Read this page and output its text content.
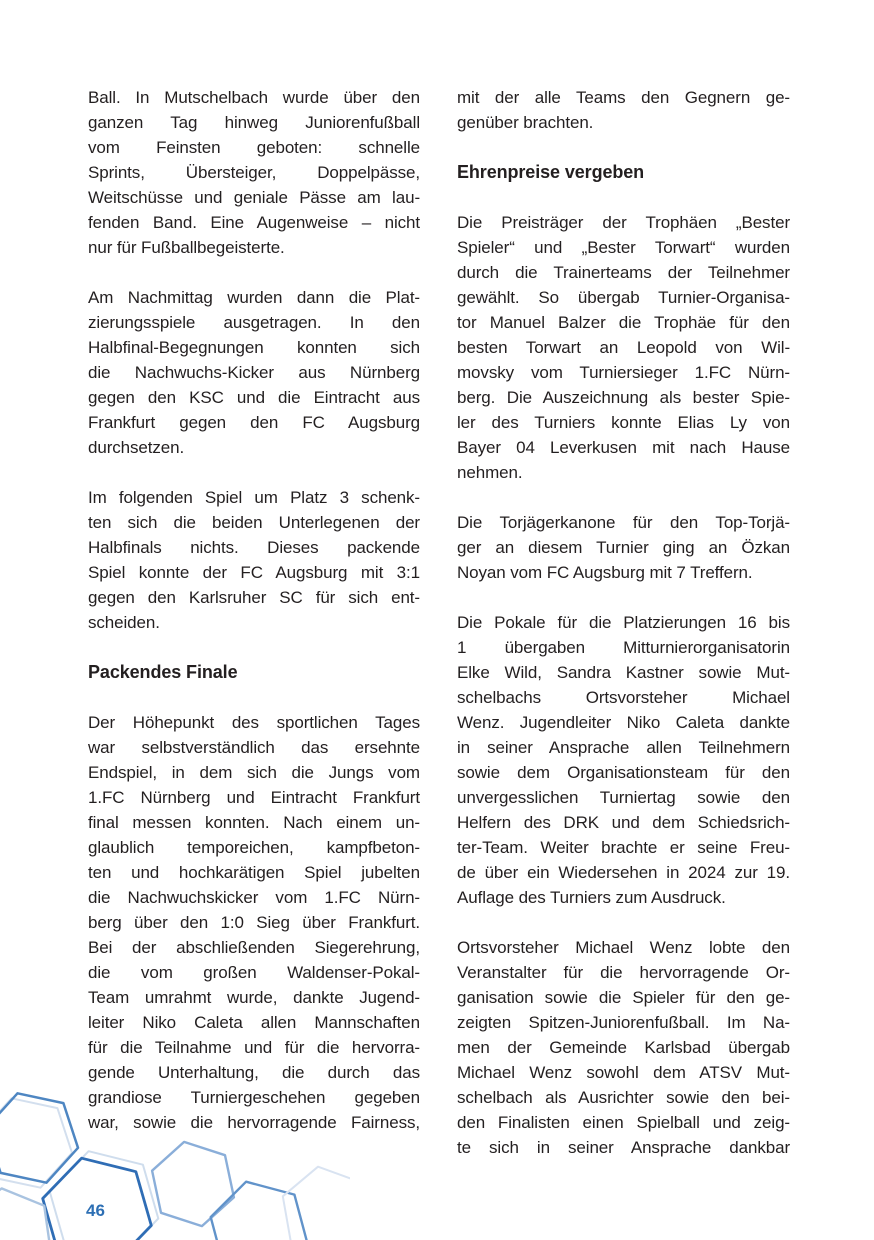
Ball. In Mutschelbach wurde über den
ganzen Tag hinweg Juniorenfußball
vom Feinsten geboten: schnelle
Sprints, Übersteiger, Doppelpässe,
Weitschüsse und geniale Pässe am lau-
fenden Band. Eine Augenweise – nicht
nur für Fußballbegeisterte.
Am Nachmittag wurden dann die Plat-
zierungsspiele ausgetragen. In den
Halbfinal-Begegnungen konnten sich
die Nachwuchs-Kicker aus Nürnberg
gegen den KSC und die Eintracht aus
Frankfurt gegen den FC Augsburg
durchsetzen.
Im folgenden Spiel um Platz 3 schenk-
ten sich die beiden Unterlegenen der
Halbfinals nichts. Dieses packende
Spiel konnte der FC Augsburg mit 3:1
gegen den Karlsruher SC für sich ent-
scheiden.
Packendes Finale
Der Höhepunkt des sportlichen Tages
war selbstverständlich das ersehnte
Endspiel, in dem sich die Jungs vom
1.FC Nürnberg und Eintracht Frankfurt
final messen konnten. Nach einem un-
glaublich temporeichen, kampfbeton-
ten und hochkarätigen Spiel jubelten
die Nachwuchskicker vom 1.FC Nürn-
berg über den 1:0 Sieg über Frankfurt.
Bei der abschließenden Siegerehrung,
die vom großen Waldenser-Pokal-
Team umrahmt wurde, dankte Jugend-
leiter Niko Caleta allen Mannschaften
für die Teilnahme und für die hervorra-
gende Unterhaltung, die durch das
grandiose Turniergeschehen gegeben
war, sowie die hervorragende Fairness,
mit der alle Teams den Gegnern ge-
genüber brachten.
Ehrenpreise vergeben
Die Preisträger der Trophäen „Bester
Spieler“ und „Bester Torwart“ wurden
durch die Trainerteams der Teilnehmer
gewählt. So übergab Turnier-Organisa-
tor Manuel Balzer die Trophäe für den
besten Torwart an Leopold von Wil-
movsky vom Turniersieger 1.FC Nürn-
berg. Die Auszeichnung als bester Spie-
ler des Turniers konnte Elias Ly von
Bayer 04 Leverkusen mit nach Hause
nehmen.
Die Torjägerkanone für den Top-Torjä-
ger an diesem Turnier ging an Özkan
Noyan vom FC Augsburg mit 7 Treffern.
Die Pokale für die Platzierungen 16 bis
1 übergaben Mitturnierorganisatorin
Elke Wild, Sandra Kastner sowie Mut-
schelbachs Ortsvorsteher Michael
Wenz. Jugendleiter Niko Caleta dankte
in seiner Ansprache allen Teilnehmern
sowie dem Organisationsteam für den
unvergesslichen Turniertag sowie den
Helfern des DRK und dem Schiedsrich-
ter-Team. Weiter brachte er seine Freu-
de über ein Wiedersehen in 2024 zur 19.
Auflage des Turniers zum Ausdruck.
Ortsvorsteher Michael Wenz lobte den
Veranstalter für die hervorragende Or-
ganisation sowie die Spieler für den ge-
zeigten Spitzen-Juniorenfußball. Im Na-
men der Gemeinde Karlsbad übergab
Michael Wenz sowohl dem ATSV Mut-
schelbach als Ausrichter sowie den bei-
den Finalisten einen Spielball und zeig-
te sich in seiner Ansprache dankbar
46
